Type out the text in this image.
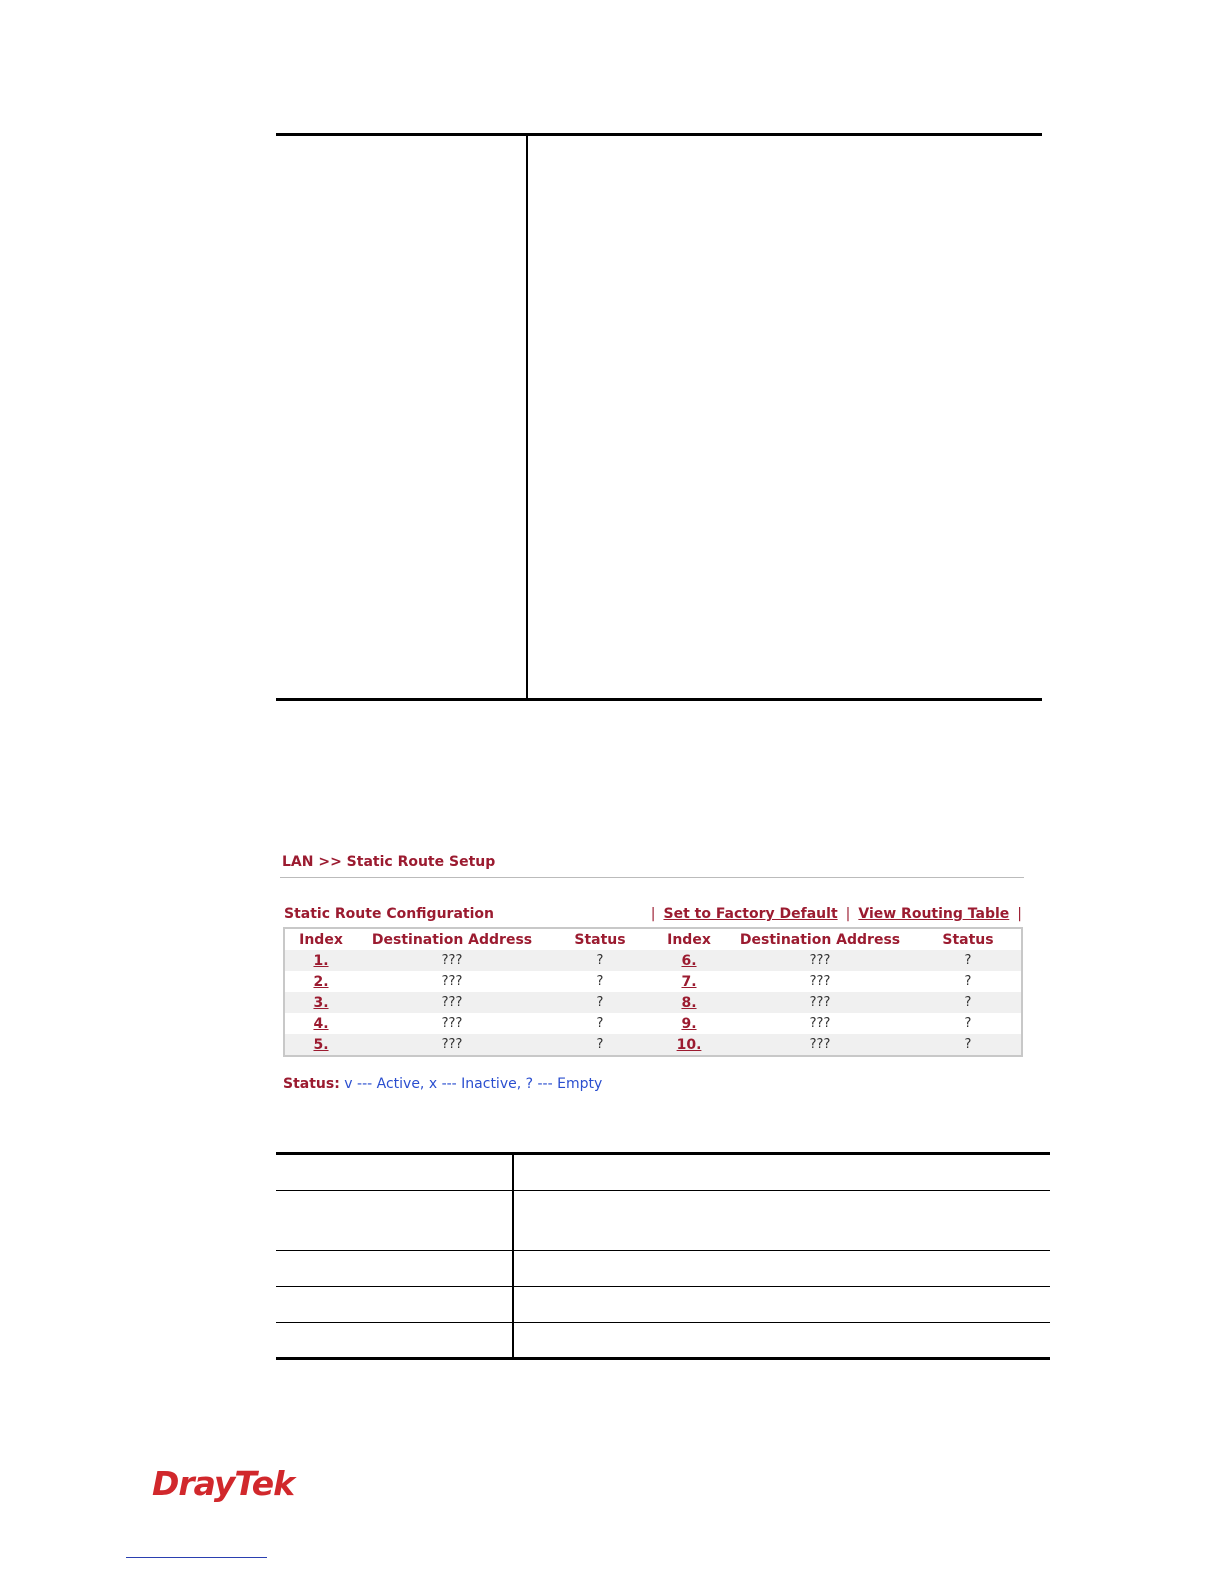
LAN >> Static Route Setup
Static Route Configuration	| Set to Factory Default | View Routing Table |
Index	Destination Address	Status	Index	Destination Address	Status
1.	???	?	6.	???	?
2.	???	?	7.	???	?
3.	???	?	8.	???	?
4.	???	?	9.	???	?
5.	???	?	10.	???	?
Status: v --- Active, x --- Inactive, ? --- Empty
DrayTek
